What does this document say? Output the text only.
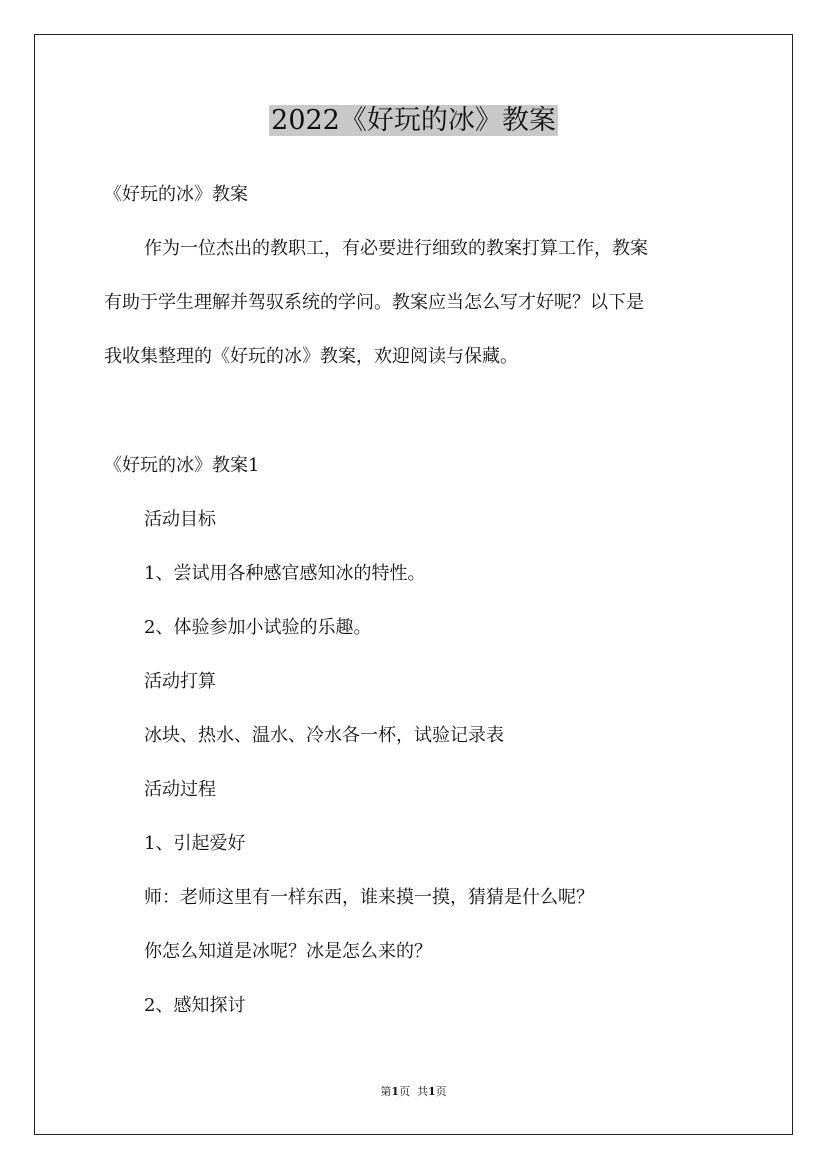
2022《好玩的冰》教案
《好玩的冰》教案
作为一位杰出的教职工，有必要进行细致的教案打算工作，教案
有助于学生理解并驾驭系统的学问。教案应当怎么写才好呢？以下是
我收集整理的《好玩的冰》教案，欢迎阅读与保藏。
《好玩的冰》教案1
活动目标
1、尝试用各种感官感知冰的特性。
2、体验参加小试验的乐趣。
活动打算
冰块、热水、温水、冷水各一杯，试验记录表
活动过程
1、引起爱好
师：老师这里有一样东西，谁来摸一摸，猜猜是什么呢？
你怎么知道是冰呢？冰是怎么来的？
2、感知探讨
第1页  共1页
